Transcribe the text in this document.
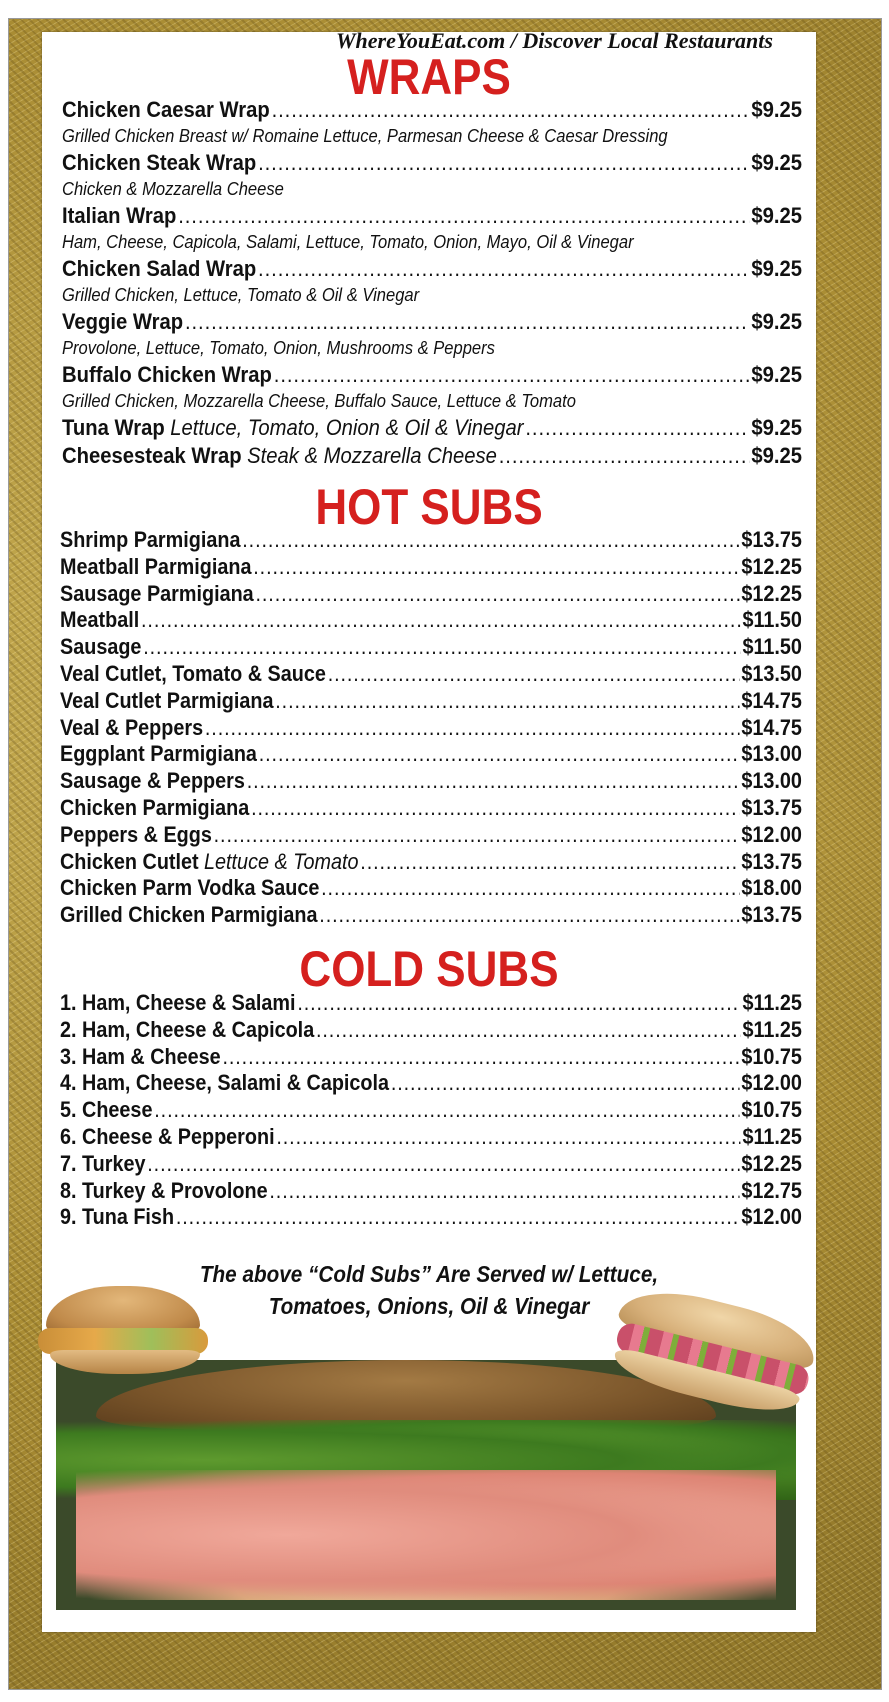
WhereYouEat.com / Discover Local Restaurants
WRAPS
Chicken Caesar Wrap .....	$9.25
Grilled Chicken Breast w/ Romaine Lettuce, Parmesan Cheese & Caesar Dressing
Chicken Steak Wrap .....	$9.25
Chicken & Mozzarella Cheese
Italian Wrap .....	$9.25
Ham, Cheese, Capicola, Salami, Lettuce, Tomato, Onion, Mayo, Oil & Vinegar
Chicken Salad Wrap .....	$9.25
Grilled Chicken, Lettuce, Tomato & Oil & Vinegar
Veggie Wrap .....	$9.25
Provolone, Lettuce, Tomato, Onion, Mushrooms & Peppers
Buffalo Chicken Wrap .....	$9.25
Grilled Chicken, Mozzarella Cheese, Buffalo Sauce, Lettuce & Tomato
Tuna Wrap Lettuce, Tomato, Onion & Oil & Vinegar .....	$9.25
Cheesesteak Wrap Steak & Mozzarella Cheese .....	$9.25
HOT SUBS
Shrimp Parmigiana .....	$13.75
Meatball Parmigiana .....	$12.25
Sausage Parmigiana .....	$12.25
Meatball .....	$11.50
Sausage .....	$11.50
Veal Cutlet, Tomato & Sauce .....	$13.50
Veal Cutlet Parmigiana .....	$14.75
Veal & Peppers .....	$14.75
Eggplant Parmigiana .....	$13.00
Sausage & Peppers .....	$13.00
Chicken Parmigiana .....	$13.75
Peppers & Eggs .....	$12.00
Chicken Cutlet Lettuce & Tomato .....	$13.75
Chicken Parm Vodka Sauce .....	$18.00
Grilled Chicken Parmigiana .....	$13.75
COLD SUBS
1. Ham, Cheese & Salami .....	$11.25
2. Ham, Cheese & Capicola .....	$11.25
3. Ham & Cheese .....	$10.75
4. Ham, Cheese, Salami & Capicola .....	$12.00
5. Cheese .....	$10.75
6. Cheese & Pepperoni .....	$11.25
7. Turkey .....	$12.25
8. Turkey & Provolone .....	$12.75
9. Tuna Fish .....	$12.00
The above “Cold Subs” Are Served w/ Lettuce,
Tomatoes, Onions, Oil & Vinegar
